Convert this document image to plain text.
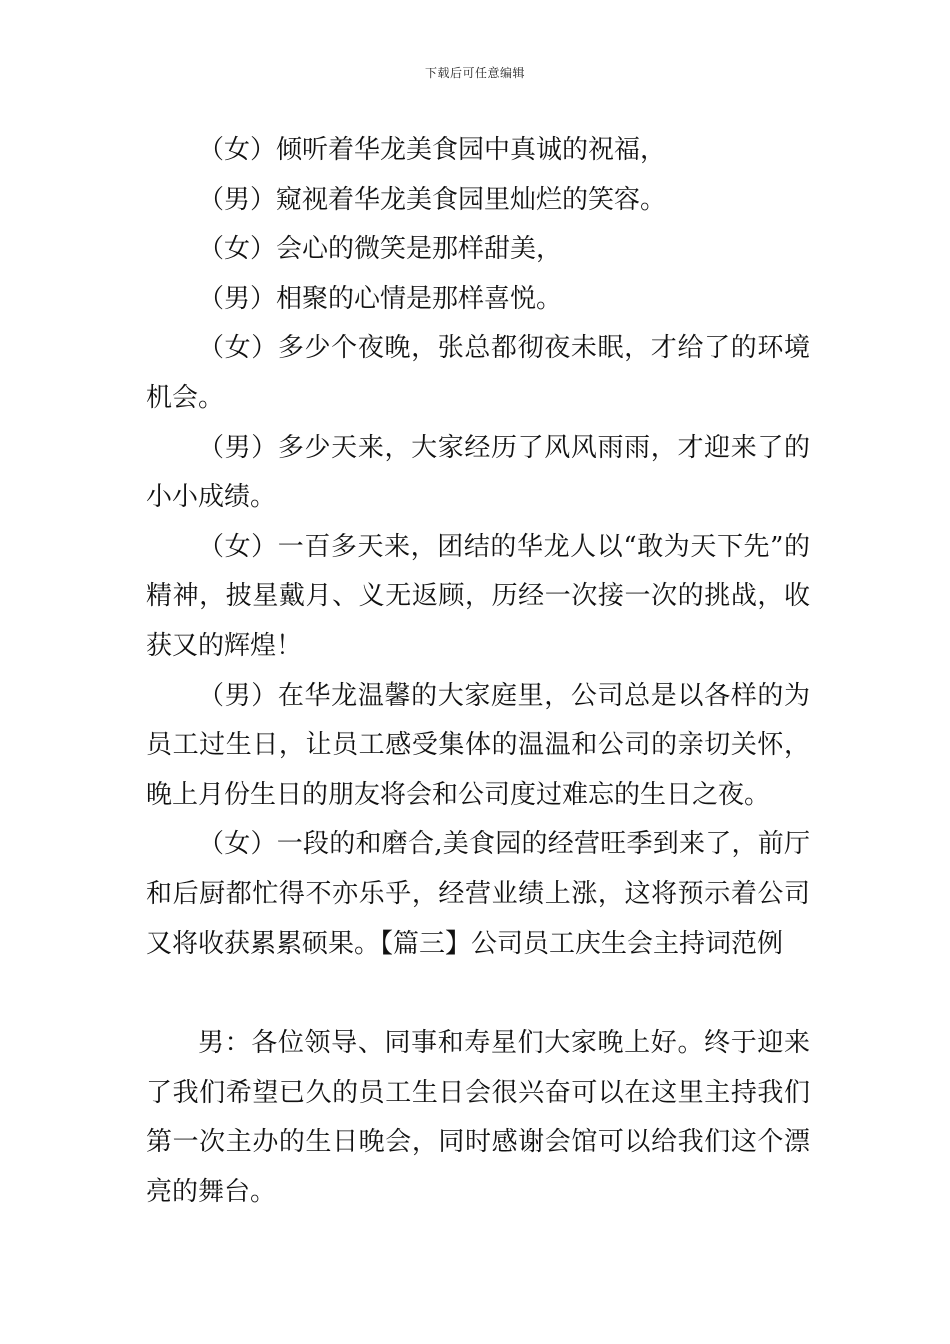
下载后可任意编辑

（女）倾听着华龙美食园中真诚的祝福，

（男）窥视着华龙美食园里灿烂的笑容。

（女）会心的微笑是那样甜美，

（男）相聚的心情是那样喜悦。

（女）多少个夜晚，张总都彻夜未眠，才给了的环境机会。

（男）多少天来，大家经历了风风雨雨，才迎来了的小小成绩。

（女）一百多天来，团结的华龙人以“敢为天下先”的精神，披星戴月、义无返顾，历经一次接一次的挑战，收获又的辉煌！

（男）在华龙温馨的大家庭里，公司总是以各样的为员工过生日，让员工感受集体的温温和公司的亲切关怀，晚上月份生日的朋友将会和公司度过难忘的生日之夜。

（女）一段的和磨合,美食园的经营旺季到来了，前厅和后厨都忙得不亦乐乎，经营业绩上涨，这将预示着公司又将收获累累硕果。【篇三】公司员工庆生会主持词范例

男：各位领导、同事和寿星们大家晚上好。终于迎来了我们希望已久的员工生日会很兴奋可以在这里主持我们第一次主办的生日晚会，同时感谢会馆可以给我们这个漂亮的舞台。
